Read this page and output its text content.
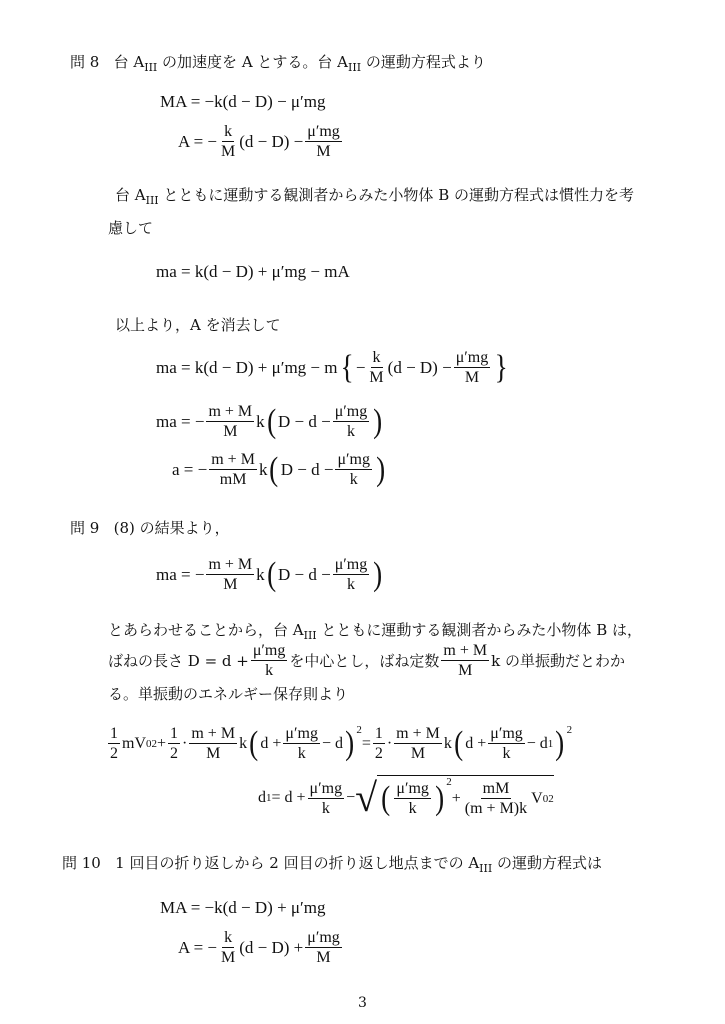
問 8 台 $A_{III}$ の加速度を A とする。台 $A_{III}$ の運動方程式より
MA = −k(d − D) − μ′mg
A = − $\frac{k}{M} (d - D) - \frac{\mu'mg}{M}$
台 $A_{III}$ とともに運動する観測者からみた小物体 B の運動方程式は慣性力を考
慮して
ma = k(d − D) + μ′mg − mA
以上より，A を消去して
ma = k(d − D) + μ′mg − m { − $\frac{k}{M} (d - D) - \frac{\mu'mg}{M}$ }
ma = − $\frac{m + M}{M}$ k ( $D - d - \frac{\mu'mg}{k}$ )
a = − $\frac{m + M}{mM}$ k ( $D - d - \frac{\mu'mg}{k}$ )
問 9 (8) の結果より，
ma = − $\frac{m + M}{M}$ k ( $D - d - \frac{\mu'mg}{k}$ )
とあらわせることから，台 $A_{III}$ とともに運動する観測者からみた小物体 B は，
ばねの長さ $D = d + \frac{\mu'mg}{k}$ を中心とし，ばね定数 $\frac{m + M}{M}$ k の単振動だとわか
る。単振動のエネルギー保存則より
$\frac{1}{2}$ mV 0 $2 + \frac{1}{2} \cdot \frac{m + M}{M}$ k ( $d + \frac{\mu'mg}{k} - d$ )$^2$
= $\frac{1}{2} \cdot \frac{m + M}{M}$ k ( $d + \frac{\mu'mg}{k} - d$ 1 )$^2$
d $1 = d + \frac{\mu'mg}{k}$ − √ ( $\frac{\mu'mg}{k} )^2$
+ $\frac{mM}{(m + M)k}$ V 0 2
問 10 1 回目の折り返しから 2 回目の折り返し地点までの $A_{III}$ の運動方程式は
MA = −k(d − D) + μ′mg
A = − $\frac{k}{M} (d - D) + \frac{\mu'mg}{M}$
3
